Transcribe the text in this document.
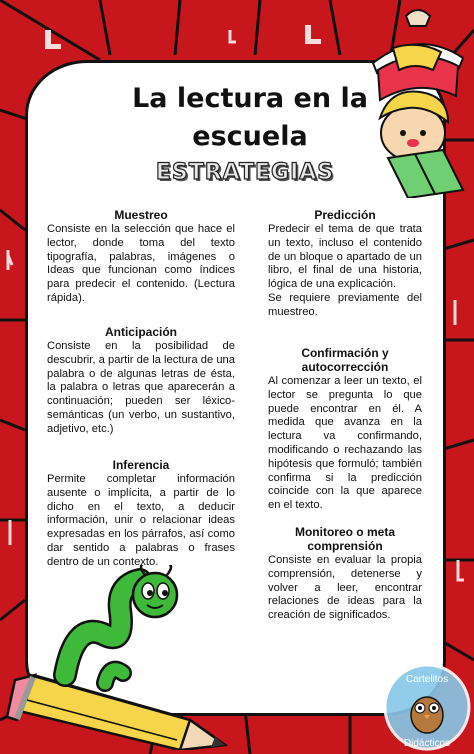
La lectura en la escuela
ESTRATEGIAS
Muestreo

Consiste en la selección que hace el lector, donde toma del texto tipografía, palabras, imágenes o Ideas que funcionan como índices para predecir el contenido. (Lectura rápida).

Anticipación

Consiste en la posibilidad de descubrir, a partir de la lectura de una palabra o de algunas letras de ésta, la palabra o letras que aparecerán a continuación; pueden ser léxico-semánticas (un verbo, un sustantivo, adjetivo, etc.)

Inferencia

Permite completar información ausente o implícita, a partir de lo dicho en el texto, a deducir información, unir o relacionar ideas expresadas en los párrafos, así como dar sentido a palabras o frases dentro de un contexto.

Predicción

Predecir el tema de que trata un texto, incluso el contenido de un bloque o apartado de un libro, el final de una historia, lógica de una explicación.

Se requiere previamente del muestreo.

Confirmación y autocorrección

Al comenzar a leer un texto, el lector se pregunta lo que puede encontrar en él. A medida que avanza en la lectura va confirmando, modificando o rechazando las hipótesis que formuló; también confirma si la predicción coincide con la que aparece en el texto.

Monitoreo o meta comprensión

Consiste en evaluar la propia comprensión, detenerse y volver a leer, encontrar relaciones de ideas para la creación de significados.

Cartelitos
Didácticos
